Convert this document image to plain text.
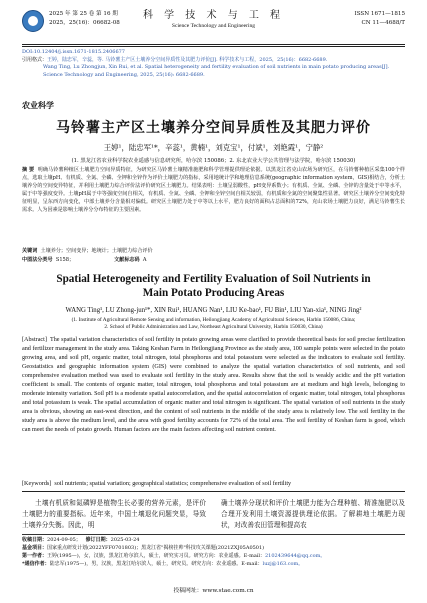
2025 年 第 25 卷 第 16 期
2025，25(16)：06682-08
科 学 技 术 与 工 程
Science Technology and Engineering
ISSN 1671—1815
CN 11—4688/T
DOI:10.12404/j.issn.1671-1815.2406677
引用格式：王婷，陆忠军，辛蕊，等. 马铃薯主产区土壤养分空间异质性及其肥力评价[J]. 科学技术与工程，2025，25(16)：6682-6689.
Wang Ting, Lu Zhongjun, Xin Rui, et al. Spatial heterogeneity and fertility evaluation of soil nutrients in main potato producing areas[J].
Science Technology and Engineering, 2025, 25(16): 6682-6689.
农业科学
马铃薯主产区土壤养分空间异质性及其肥力评价
王婷¹，陆忠军¹*，辛蕊¹，黄楠¹，刘克宝¹，付斌¹，刘艳霞¹，宁静²
(1. 黑龙江省农业科学院农业遥感与信息研究所，哈尔滨 150086；2. 东北农业大学公共管理与法学院，哈尔滨 150030)
摘 要 明确马铃薯种植区土壤肥力空间异质特征，为研究区马铃薯土壤精准施肥和科学管理提供理论依据。以黑龙江省克山农场为研究区，在马铃薯种植区采集100个样点，选取土壤pH、有机质、全氮、全磷、全钾和全锌作为评价土壤肥力的指标，采用地统计学和地理信息系统(geographic information system，GIS)相结合，分析土壤养分的空间变异特征，并利用土壤肥力综合评价法评价研究区土壤肥力。结果表明：土壤呈弱酸性，pH变异系数小；有机质、全氮、全磷、全锌的含量处于中等水平，属于中等强度变异。土壤pH属于中等强度空间自相关，有机质、全氮、全磷、全钾和全锌空间自相关较弱，有机质和全氮的空间聚集性显著。研究区土壤养分空间变化特征明显，呈东西方向变化，中部土壤养分含量相对偏低。研究区土壤肥力处于中等以上水平，肥力良好的面积占总面积的72%，克山农场土壤肥力良好，满足马铃薯生长需求。人为因素是影响土壤养分分布特征的主要因素。
关键词 土壤养分；空间变异；地统计；土壤肥力综合评价
中图法分类号 S158；	文献标志码 A
Spatial Heterogeneity and Fertility Evaluation of Soil Nutrients in
Main Potato Producing Areas
WANG Ting¹, LU Zhong-jun¹*, XIN Rui¹, HUANG Nan¹, LIU Ke-bao¹, FU Bin¹, LIU Yan-xia¹, NING Jing²
(1. Institute of Agricultural Remote Sensing and information, Heilongjiang Academy of Agricultural Sciences, Harbin 150086, China;
2. School of Public Administration and Law, Northeast Agricultural University, Harbin 150030, China)
[Abstract] The spatial variation characteristics of soil fertility in potato growing areas were clarified to provide theoretical basis for soil precise fertilization and fertilizer management in the study area. Taking Keshan Farm in Heilongjiang Province as the study area, 100 sample points were selected in the potato growing area, and soil pH, organic matter, total nitrogen, total phosphorus and total potassium were selected as the indicators to evaluate soil fertility. Geostatistics and geographic information system (GIS) were combined to analyze the spatial variation characteristics of soil nutrients, and soil comprehensive evaluation method was used to evaluate soil fertility in the study area. Results show that the soil is weakly acidic and the pH variation coefficient is small. The contents of organic matter, total nitrogen, total phosphorus and total potassium are at medium and high levels, belonging to moderate intensity variation. Soil pH is a moderate spatial autocorrelation, and the spatial autocorrelation of organic matter, total nitrogen, total phosphorus and total potassium is weak. The spatial accumulation of organic matter and total nitrogen is significant. The spatial variation of soil nutrients in the study area is obvious, showing an east-west direction, and the content of soil nutrients in the middle of the study area is relatively low. The soil fertility in the study area is above the medium level, and the area with good fertility accounts for 72% of the total area. The soil fertility of Keshan farm is good, which can meet the needs of potato growth. Human factors are the main factors affecting soil nutrient content.
[Keywords] soil nutrients; spatial variation; geographical statistics; comprehensive evaluation of soil fertility
土壤有机质和氮磷钾是植物生长必要的营养元素，是评价土壤肥力的重要指标。近年来，中国土壤退化问题突显，导致土壤养分失衡。因此，明
确土壤养分现状和评价土壤肥力能为合理种植、精准施肥以及合理开发利用土壤资源提供理论依据。了解耕地土壤肥力现状，对改善农田管理和提高农
收稿日期：2024-09-05； 修订日期：2025-03-24
基金项目：国家重点研发计划(2022YFF0701803)；黑龙江省"揭榜挂帅"科技攻关课题(2021ZXJ05A0501)
第一作者：王婷(1995—)，女，汉族，黑龙江哈尔滨人，硕士，研究实习员。研究方向：农业遥感。E-mail：2102439644@qq.com。
*通信作者：陆忠军(1975—)，男，汉族，黑龙江哈尔滨人，硕士，研究员。研究方向：农业遥感。E-mail：luzj@163.com。
投稿网址：www.stae.com.cn
